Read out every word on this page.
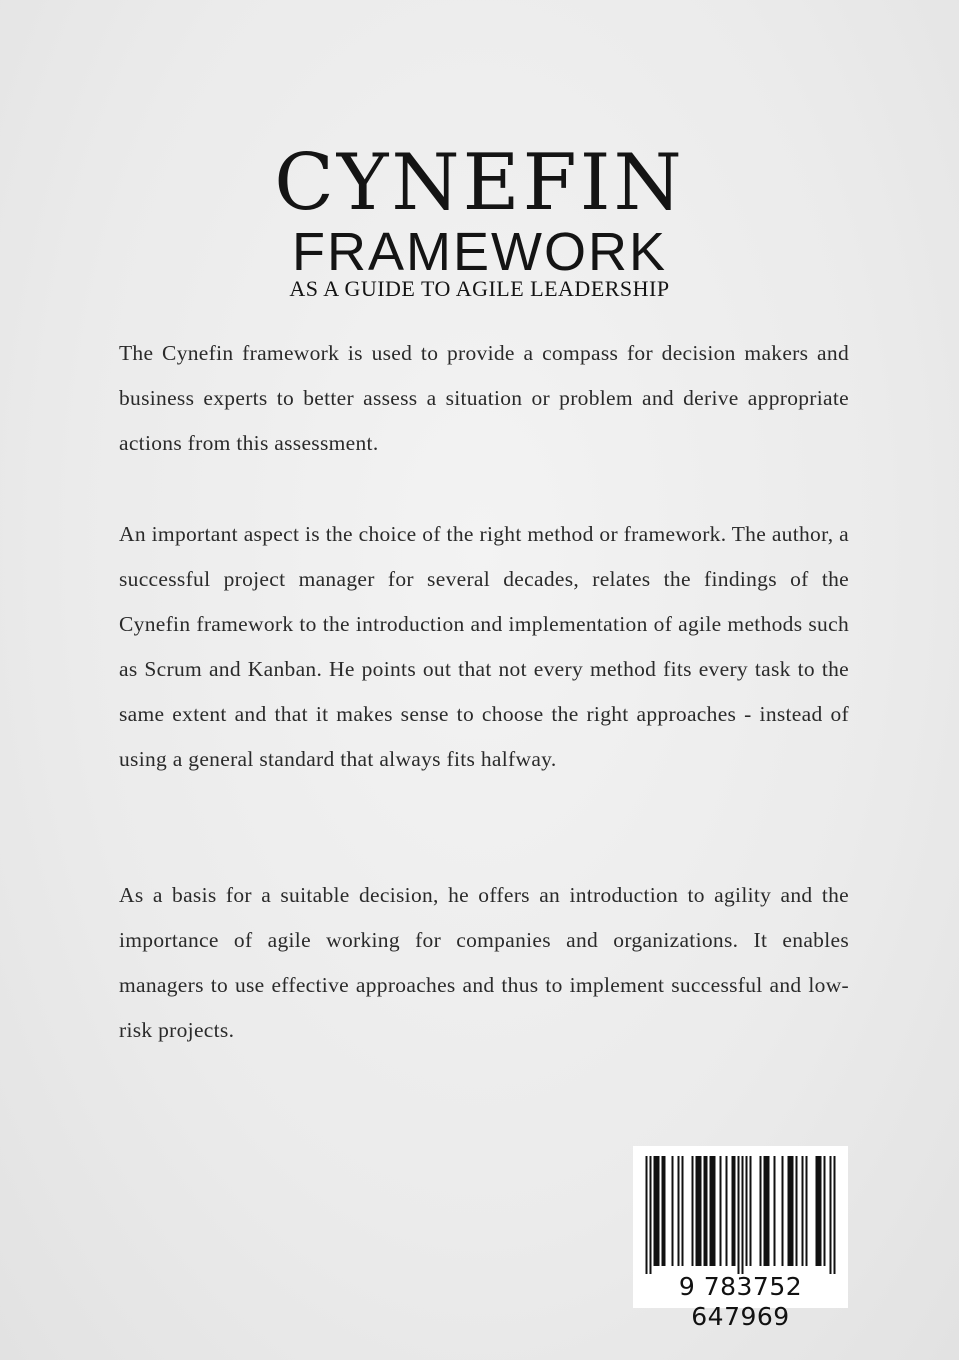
CYNEFIN
FRAMEWORK
AS A GUIDE TO AGILE LEADERSHIP

The Cynefin framework is used to provide a compass for decision makers and business experts to better assess a situation or problem and derive appropriate actions from this assessment.

An important aspect is the choice of the right method or framework. The author, a successful project manager for several decades, relates the findings of the Cynefin framework to the introduction and implementation of agile methods such as Scrum and Kanban. He points out that not every method fits every task to the same extent and that it makes sense to choose the right approaches - instead of using a general standard that always fits halfway.

As a basis for a suitable decision, he offers an introduction to agility and the importance of agile working for companies and organizations. It enables managers to use effective approaches and thus to implement successful and low-risk projects.

9 783752 647969
